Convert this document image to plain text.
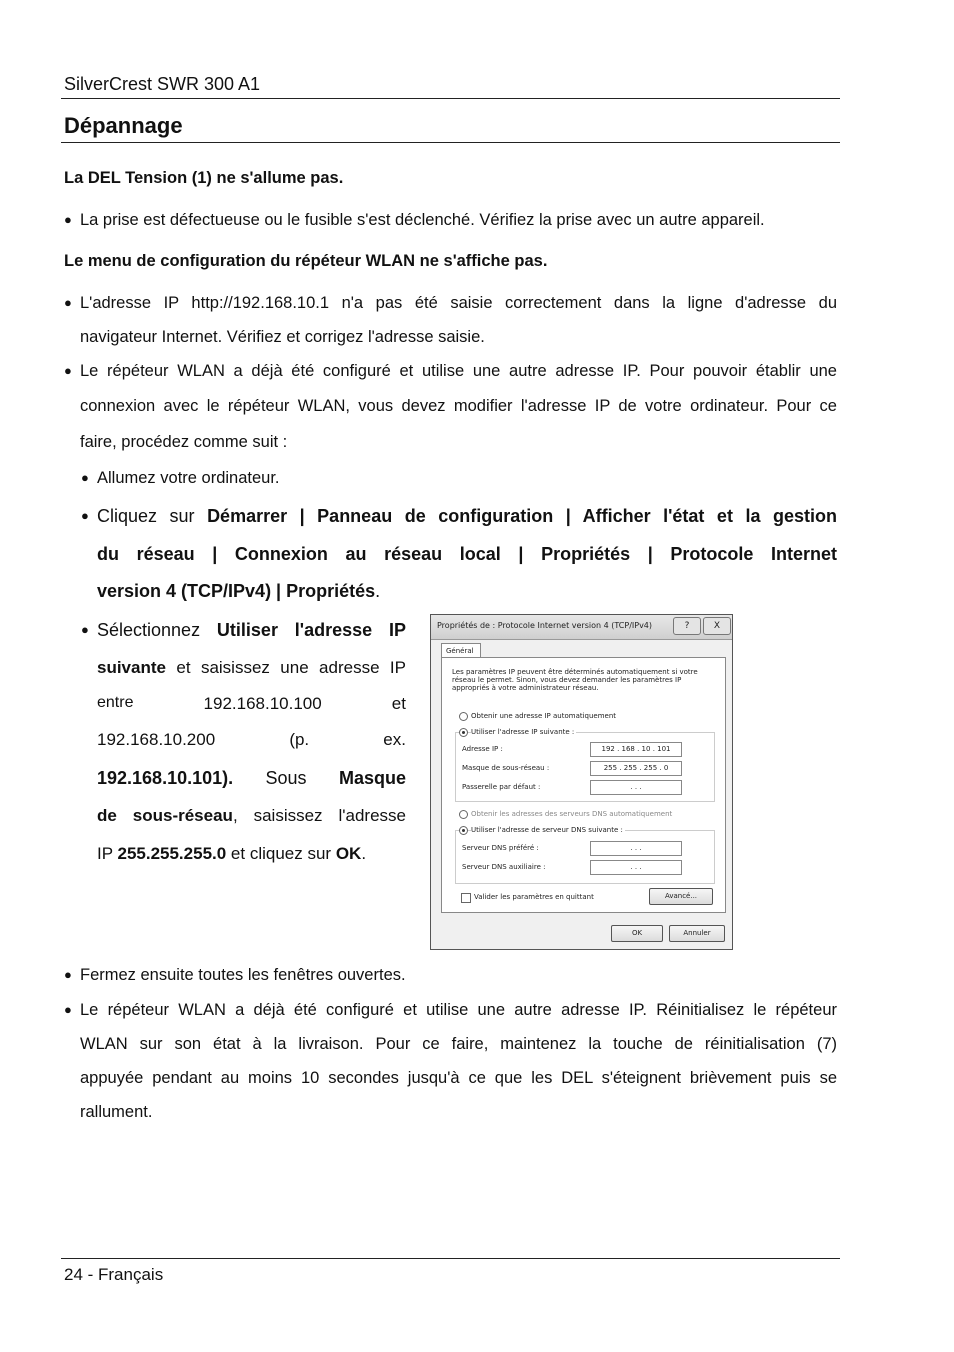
SilverCrest SWR 300 A1
Dépannage
La DEL Tension (1) ne s'allume pas.
● La prise est défectueuse ou le fusible s'est déclenché. Vérifiez la prise avec un autre appareil.
Le menu de configuration du répéteur WLAN ne s'affiche pas.
● L'adresse IP http://192.168.10.1 n'a pas été saisie correctement dans la ligne d'adresse du
navigateur Internet. Vérifiez et corrigez l'adresse saisie.
● Le répéteur WLAN a déjà été configuré et utilise une autre adresse IP. Pour pouvoir établir une
connexion avec le répéteur WLAN, vous devez modifier l'adresse IP de votre ordinateur. Pour ce
faire, procédez comme suit :
● Allumez votre ordinateur.
● Cliquez sur Démarrer | Panneau de configuration | Afficher l'état et la gestion
du réseau | Connexion au réseau local | Propriétés | Protocole Internet
version 4 (TCP/IPv4) | Propriétés.
● Sélectionnez Utiliser l'adresse IP
suivante et saisissez une adresse IP
entre	192.168.10.100	et
192.168.10.200	(p.	ex.
192.168.10.101). Sous Masque
de sous-réseau, saisissez l'adresse
IP 255.255.255.0 et cliquez sur OK.
Propriétés de : Protocole Internet version 4 (TCP/IPv4)	?	X
Général
Les paramètres IP peuvent être déterminés automatiquement si votre
réseau le permet. Sinon, vous devez demander les paramètres IP
appropriés à votre administrateur réseau.
Obtenir une adresse IP automatiquement
Utiliser l'adresse IP suivante :
Adresse IP :	192 . 168 . 10 . 101
Masque de sous-réseau :	255 . 255 . 255 . 0
Passerelle par défaut :	. . .
Obtenir les adresses des serveurs DNS automatiquement
Utiliser l'adresse de serveur DNS suivante :
Serveur DNS préféré :	. . .
Serveur DNS auxiliaire :	. . .
Valider les paramètres en quittant	Avancé...
OK	Annuler
● Fermez ensuite toutes les fenêtres ouvertes.
● Le répéteur WLAN a déjà été configuré et utilise une autre adresse IP. Réinitialisez le répéteur
WLAN sur son état à la livraison. Pour ce faire, maintenez la touche de réinitialisation (7)
appuyée pendant au moins 10 secondes jusqu'à ce que les DEL s'éteignent brièvement puis se
rallument.
24 - Français
